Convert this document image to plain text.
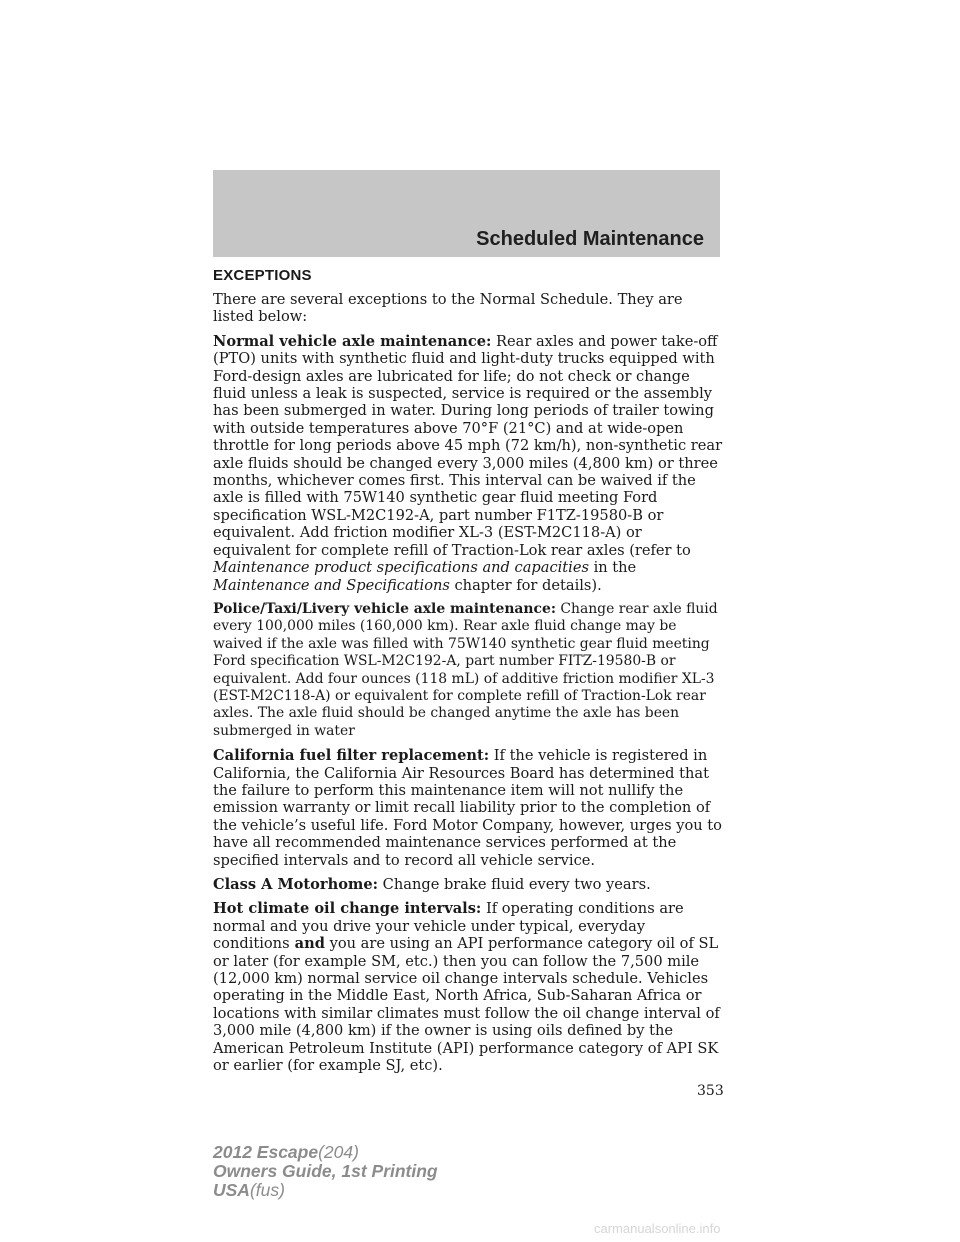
Scheduled Maintenance
EXCEPTIONS

There are several exceptions to the Normal Schedule. They are listed below:

Normal vehicle axle maintenance: Rear axles and power take-off (PTO) units with synthetic fluid and light-duty trucks equipped with Ford-design axles are lubricated for life; do not check or change fluid unless a leak is suspected, service is required or the assembly has been submerged in water. During long periods of trailer towing with outside temperatures above 70°F (21°C) and at wide-open throttle for long periods above 45 mph (72 km/h), non-synthetic rear axle fluids should be changed every 3,000 miles (4,800 km) or three months, whichever comes first. This interval can be waived if the axle is filled with 75W140 synthetic gear fluid meeting Ford specification WSL-M2C192-A, part number F1TZ-19580-B or equivalent. Add friction modifier XL-3 (EST-M2C118-A) or equivalent for complete refill of Traction-Lok rear axles (refer to Maintenance product specifications and capacities in the Maintenance and Specifications chapter for details).

Police/Taxi/Livery vehicle axle maintenance: Change rear axle fluid every 100,000 miles (160,000 km). Rear axle fluid change may be waived if the axle was filled with 75W140 synthetic gear fluid meeting Ford specification WSL-M2C192-A, part number FITZ-19580-B or equivalent. Add four ounces (118 mL) of additive friction modifier XL-3 (EST-M2C118-A) or equivalent for complete refill of Traction-Lok rear axles. The axle fluid should be changed anytime the axle has been submerged in water

California fuel filter replacement: If the vehicle is registered in California, the California Air Resources Board has determined that the failure to perform this maintenance item will not nullify the emission warranty or limit recall liability prior to the completion of the vehicle’s useful life. Ford Motor Company, however, urges you to have all recommended maintenance services performed at the specified intervals and to record all vehicle service.

Class A Motorhome: Change brake fluid every two years.

Hot climate oil change intervals: If operating conditions are normal and you drive your vehicle under typical, everyday conditions and you are using an API performance category oil of SL or later (for example SM, etc.) then you can follow the 7,500 mile (12,000 km) normal service oil change intervals schedule. Vehicles operating in the Middle East, North Africa, Sub-Saharan Africa or locations with similar climates must follow the oil change interval of 3,000 mile (4,800 km) if the owner is using oils defined by the American Petroleum Institute (API) performance category of API SK or earlier (for example SJ, etc).

353

2012 Escape(204)
Owners Guide, 1st Printing
USA(fus)

carmanualsonline.info
